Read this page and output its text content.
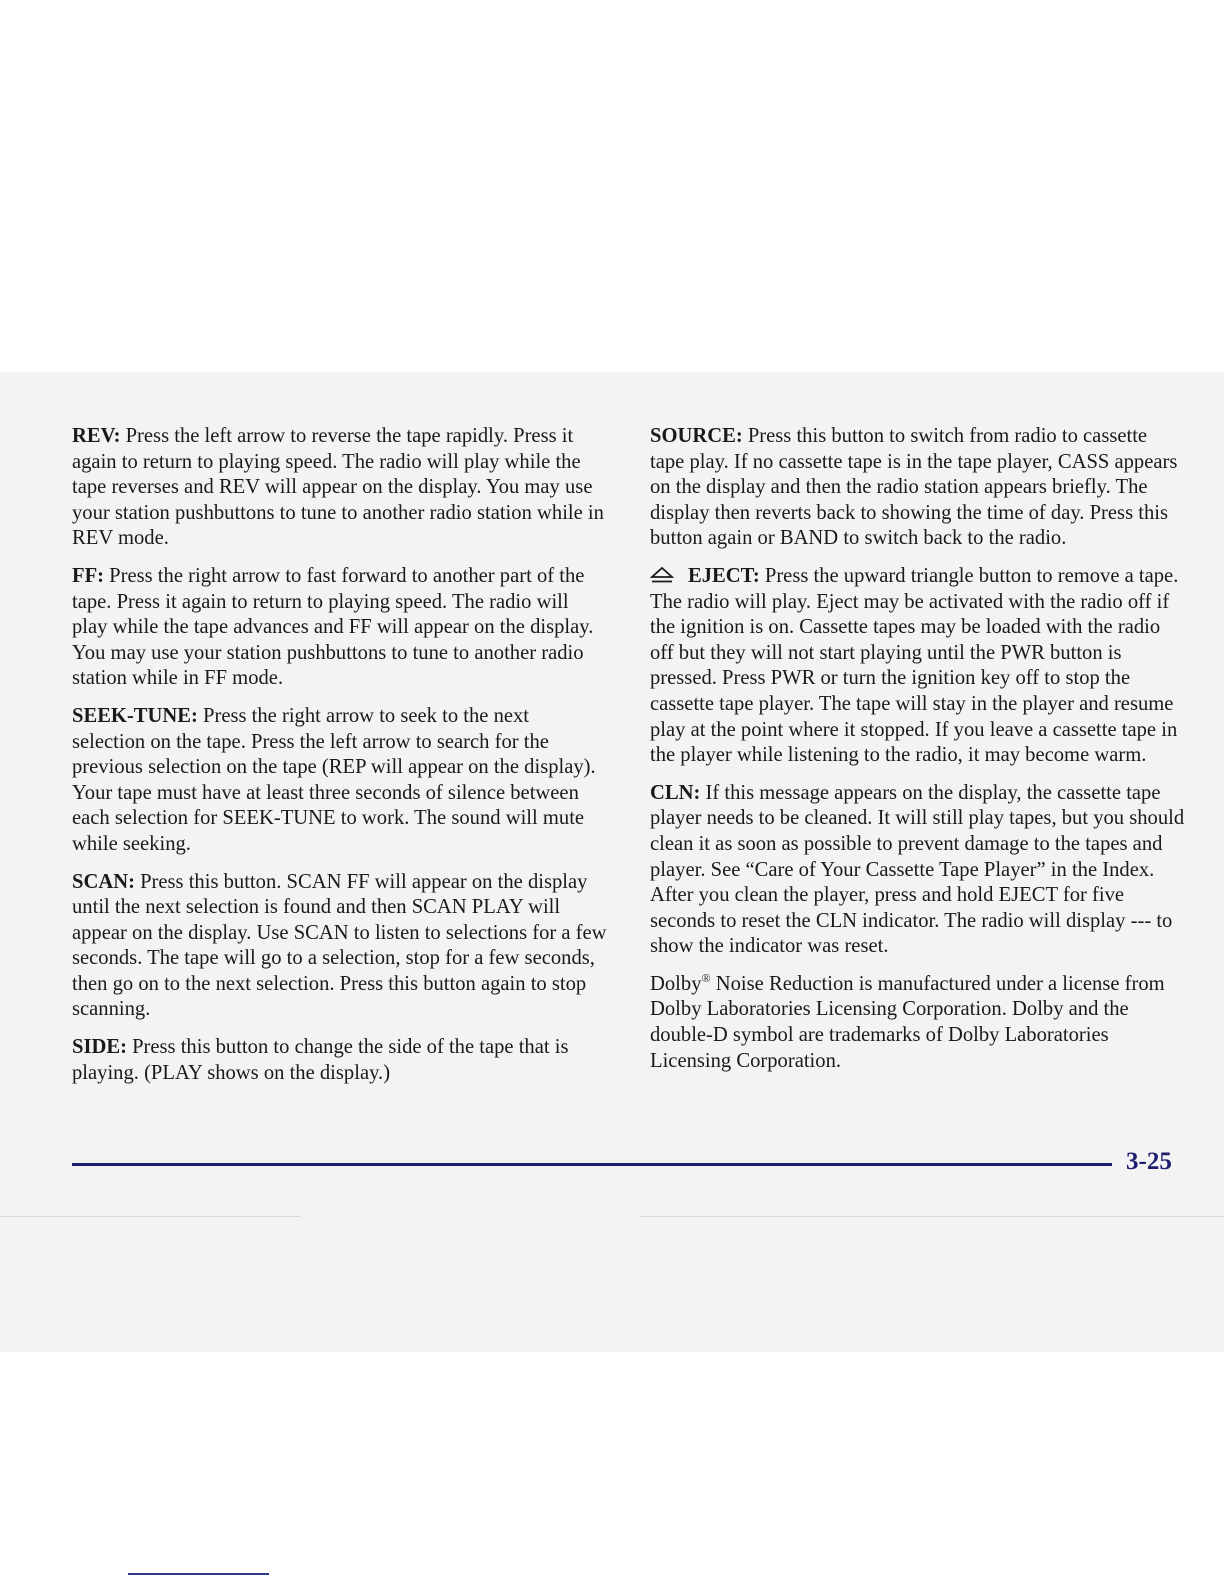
REV: Press the left arrow to reverse the tape rapidly. Press it again to return to playing speed. The radio will play while the tape reverses and REV will appear on the display. You may use your station pushbuttons to tune to another radio station while in REV mode.

FF: Press the right arrow to fast forward to another part of the tape. Press it again to return to playing speed. The radio will play while the tape advances and FF will appear on the display. You may use your station pushbuttons to tune to another radio station while in FF mode.

SEEK-TUNE: Press the right arrow to seek to the next selection on the tape. Press the left arrow to search for the previous selection on the tape (REP will appear on the display). Your tape must have at least three seconds of silence between each selection for SEEK-TUNE to work. The sound will mute while seeking.

SCAN: Press this button. SCAN FF will appear on the display until the next selection is found and then SCAN PLAY will appear on the display. Use SCAN to listen to selections for a few seconds. The tape will go to a selection, stop for a few seconds, then go on to the next selection. Press this button again to stop scanning.

SIDE: Press this button to change the side of the tape that is playing. (PLAY shows on the display.)

SOURCE: Press this button to switch from radio to cassette tape play. If no cassette tape is in the tape player, CASS appears on the display and then the radio station appears briefly. The display then reverts back to showing the time of day. Press this button again or BAND to switch back to the radio.

EJECT: Press the upward triangle button to remove a tape. The radio will play. Eject may be activated with the radio off if the ignition is on. Cassette tapes may be loaded with the radio off but they will not start playing until the PWR button is pressed. Press PWR or turn the ignition key off to stop the cassette tape player. The tape will stay in the player and resume play at the point where it stopped. If you leave a cassette tape in the player while listening to the radio, it may become warm.

CLN: If this message appears on the display, the cassette tape player needs to be cleaned. It will still play tapes, but you should clean it as soon as possible to prevent damage to the tapes and player. See “Care of Your Cassette Tape Player” in the Index. After you clean the player, press and hold EJECT for five seconds to reset the CLN indicator. The radio will display --- to show the indicator was reset.

Dolby® Noise Reduction is manufactured under a license from Dolby Laboratories Licensing Corporation. Dolby and the double-D symbol are trademarks of Dolby Laboratories Licensing Corporation.

3-25
